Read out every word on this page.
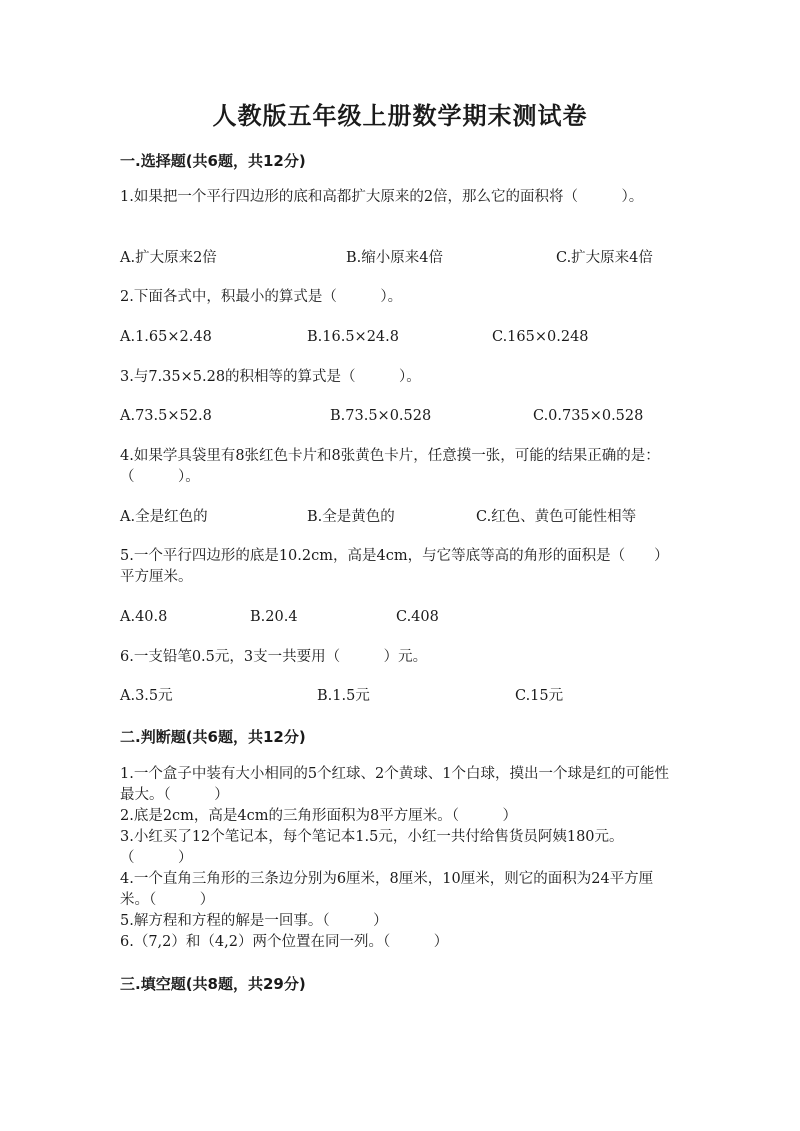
人教版五年级上册数学期末测试卷
一.选择题(共6题，共12分)
1.如果把一个平行四边形的底和高都扩大原来的2倍，那么它的面积将（　　　）。
A.扩大原来2倍	B.缩小原来4倍	C.扩大原来4倍
2.下面各式中，积最小的算式是（　　　）。
A.1.65×2.48	B.16.5×24.8	C.165×0.248
3.与7.35×5.28的积相等的算式是（　　　）。
A.73.5×52.8	B.73.5×0.528	C.0.735×0.528
4.如果学具袋里有8张红色卡片和8张黄色卡片，任意摸一张，可能的结果正确的是：（　　　）。
A.全是红色的	B.全是黄色的	C.红色、黄色可能性相等
5.一个平行四边形的底是10.2cm，高是4cm，与它等底等高的角形的面积是（　　）平方厘米。
A.40.8	B.20.4	C.408
6.一支铅笔0.5元，3支一共要用（　　　）元。
A.3.5元	B.1.5元	C.15元
二.判断题(共6题，共12分)
1.一个盒子中装有大小相同的5个红球、2个黄球、1个白球，摸出一个球是红的可能性最大。（　　　）
2.底是2cm，高是4cm的三角形面积为8平方厘米。（　　　）
3.小红买了12个笔记本，每个笔记本1.5元，小红一共付给售货员阿姨180元。（　　　）
4.一个直角三角形的三条边分别为6厘米，8厘米，10厘米，则它的面积为24平方厘米。（　　　）
5.解方程和方程的解是一回事。（　　　）
6.（7,2）和（4,2）两个位置在同一列。（　　　）
三.填空题(共8题，共29分)
